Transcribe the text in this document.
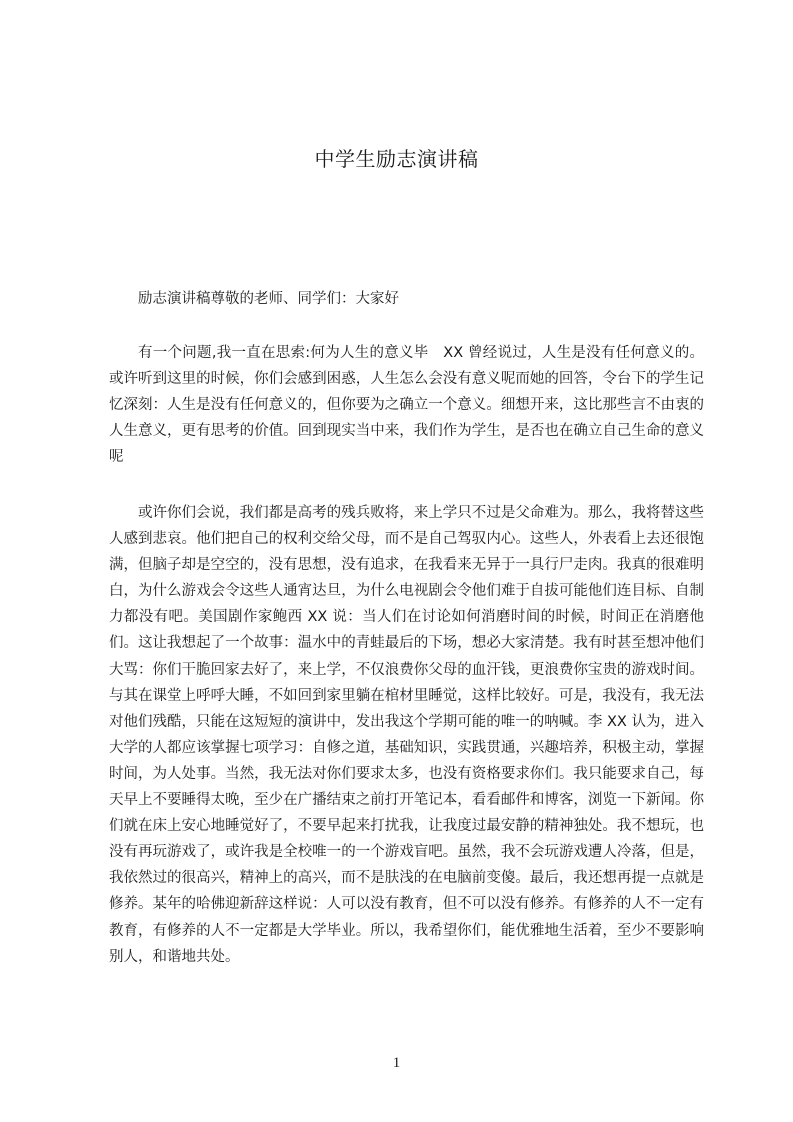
中学生励志演讲稿
励志演讲稿尊敬的老师、同学们：大家好
有一个问题,我一直在思索:何为人生的意义毕　XX 曾经说过，人生是没有任何意义的。或许听到这里的时候，你们会感到困惑，人生怎么会没有意义呢而她的回答，令台下的学生记忆深刻：人生是没有任何意义的，但你要为之确立一个意义。细想开来，这比那些言不由衷的人生意义，更有思考的价值。回到现实当中来，我们作为学生，是否也在确立自己生命的意义呢
或许你们会说，我们都是高考的残兵败将，来上学只不过是父命难为。那么，我将替这些人感到悲哀。他们把自己的权利交给父母，而不是自己驾驭内心。这些人，外表看上去还很饱满，但脑子却是空空的，没有思想，没有追求，在我看来无异于一具行尸走肉。我真的很难明白，为什么游戏会令这些人通宵达旦，为什么电视剧会令他们难于自拔可能他们连目标、自制力都没有吧。美国剧作家鲍西 XX 说：当人们在讨论如何消磨时间的时候，时间正在消磨他们。这让我想起了一个故事：温水中的青蛙最后的下场，想必大家清楚。我有时甚至想冲他们大骂：你们干脆回家去好了，来上学，不仅浪费你父母的血汗钱，更浪费你宝贵的游戏时间。与其在课堂上呼呼大睡，不如回到家里躺在棺材里睡觉，这样比较好。可是，我没有，我无法对他们残酷，只能在这短短的演讲中，发出我这个学期可能的唯一的呐喊。李 XX 认为，进入大学的人都应该掌握七项学习：自修之道，基础知识，实践贯通，兴趣培养，积极主动，掌握时间，为人处事。当然，我无法对你们要求太多，也没有资格要求你们。我只能要求自己，每天早上不要睡得太晚，至少在广播结束之前打开笔记本，看看邮件和博客，浏览一下新闻。你们就在床上安心地睡觉好了，不要早起来打扰我，让我度过最安静的精神独处。我不想玩，也没有再玩游戏了，或许我是全校唯一的一个游戏盲吧。虽然，我不会玩游戏遭人冷落，但是，我依然过的很高兴，精神上的高兴，而不是肤浅的在电脑前变傻。最后，我还想再提一点就是修养。某年的哈佛迎新辞这样说：人可以没有教育，但不可以没有修养。有修养的人不一定有教育，有修养的人不一定都是大学毕业。所以，我希望你们，能优雅地生活着，至少不要影响别人，和谐地共处。
1
